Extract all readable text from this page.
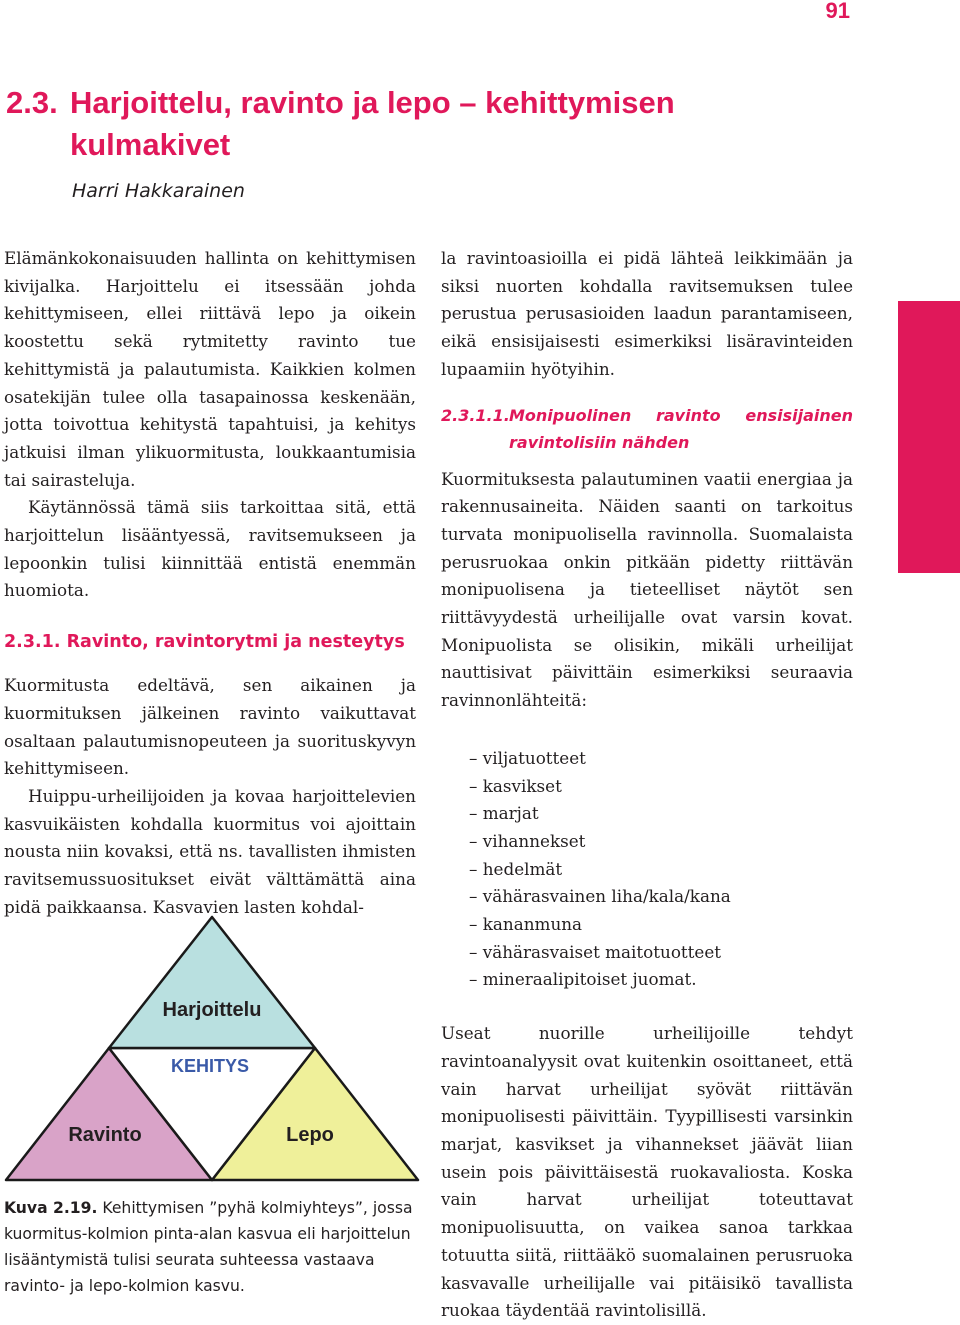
91
2.3. Harjoittelu, ravinto ja lepo – kehittymisen
kulmakivet
Harri Hakkarainen

Elämänkokonaisuuden hallinta on kehittymisen kivijalka. Harjoittelu ei itsessään johda kehittymiseen, ellei riittävä lepo ja oikein koostettu sekä rytmitetty ravinto tue kehittymistä ja palautumista. Kaikkien kolmen osatekijän tulee olla tasapainossa keskenään, jotta toivottua kehitystä tapahtuisi, ja kehitys jatkuisi ilman ylikuormitusta, loukkaantumisia tai sairasteluja.

Käytännössä tämä siis tarkoittaa sitä, että harjoittelun lisääntyessä, ravitsemukseen ja lepoonkin tulisi kiinnittää entistä enemmän huomiota.

2.3.1. Ravinto, ravintorytmi ja nesteytys

Kuormitusta edeltävä, sen aikainen ja kuormituksen jälkeinen ravinto vaikuttavat osaltaan palautumisnopeuteen ja suorituskyvyn kehittymiseen.

Huippu-urheilijoiden ja kovaa harjoittelevien kasvuikäisten kohdalla kuormitus voi ajoittain nousta niin kovaksi, että ns. tavallisten ihmisten ravitsemussuositukset eivät välttämättä aina pidä paikkaansa. Kasvavien lasten kohdal-

la ravintoasioilla ei pidä lähteä leikkimään ja siksi nuorten kohdalla ravitsemuksen tulee perustua perusasioiden laadun parantamiseen, eikä ensisijaisesti esimerkiksi lisäravinteiden lupaamiin hyötyihin.

2.3.1.1. Monipuolinen ravinto ensisijainen ravintolisiin nähden

Kuormituksesta palautuminen vaatii energiaa ja rakennusaineita. Näiden saanti on tarkoitus turvata monipuolisella ravinnolla. Suomalaista perusruokaa onkin pitkään pidetty riittävän monipuolisena ja tieteelliset näytöt sen riittävyydestä urheilijalle ovat varsin kovat. Monipuolista se olisikin, mikäli urheilijat nauttisivat päivittäin esimerkiksi seuraavia ravinnonlähteitä:

– viljatuotteet
– kasvikset
– marjat
– vihannekset
– hedelmät
– vähärasvainen liha/kala/kana
– kananmuna
– vähärasvaiset maitotuotteet
– mineraalipitoiset juomat.

Useat nuorille urheilijoille tehdyt ravintoanalyysit ovat kuitenkin osoittaneet, että vain harvat urheilijat syövät riittävän monipuolisesti päivittäin. Tyypillisesti varsinkin marjat, kasvikset ja vihannekset jäävät liian usein pois päivittäisestä ruokavaliosta. Koska vain harvat urheilijat toteuttavat monipuolisuutta, on vaikea sanoa tarkkaa totuutta siitä, riittääkö suomalainen perusruoka kasvavalle urheilijalle vai pitäisikö tavallista ruokaa täydentää ravintolisillä.

Harjoittelu
KEHITYS
Ravinto	Lepo
Kuva 2.19. Kehittymisen ”pyhä kolmiyhteys”, jossa kuormitus-kolmion pinta-alan kasvua eli harjoittelun lisääntymistä tulisi seurata suhteessa vastaava ravinto- ja lepo-kolmion kasvu.
